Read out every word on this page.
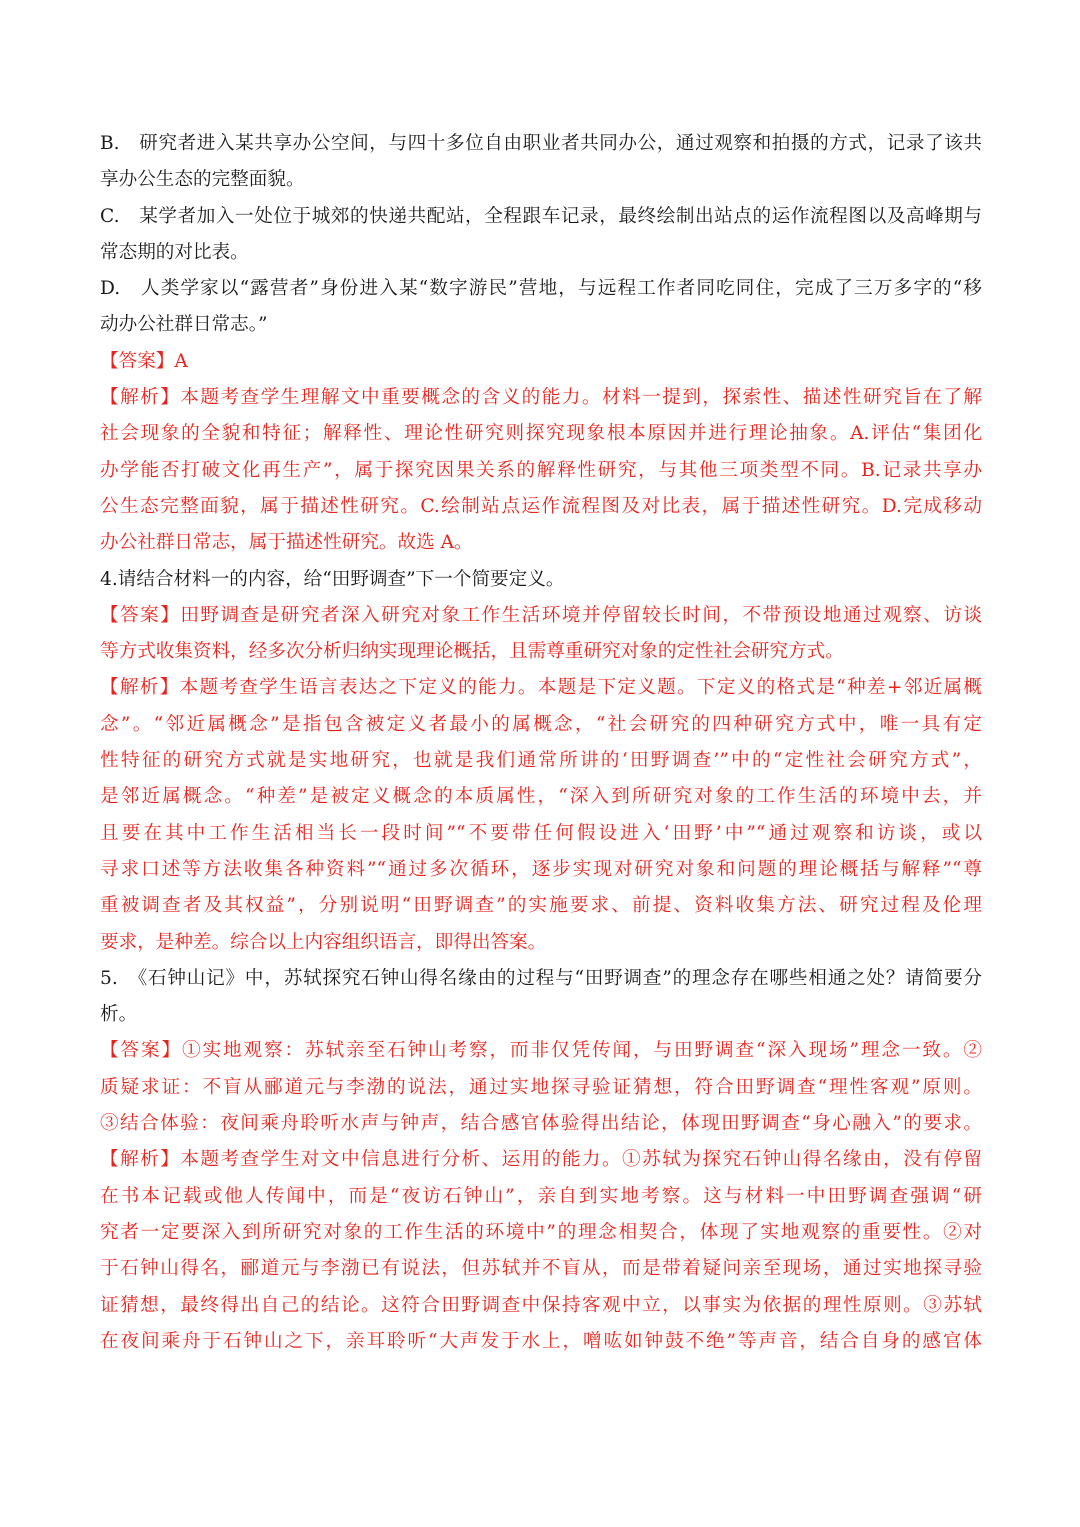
B.　研究者进入某共享办公空间，与四十多位自由职业者共同办公，通过观察和拍摄的方式，记录了该共
享办公生态的完整面貌。
C.　某学者加入一处位于城郊的快递共配站，全程跟车记录，最终绘制出站点的运作流程图以及高峰期与
常态期的对比表。
D.　人类学家以“露营者”身份进入某“数字游民”营地，与远程工作者同吃同住，完成了三万多字的“移
动办公社群日常志。”
【答案】A
【解析】本题考查学生理解文中重要概念的含义的能力。材料一提到，探索性、描述性研究旨在了解
社会现象的全貌和特征；解释性、理论性研究则探究现象根本原因并进行理论抽象。A.评估“集团化
办学能否打破文化再生产”，属于探究因果关系的解释性研究，与其他三项类型不同。B.记录共享办
公生态完整面貌，属于描述性研究。C.绘制站点运作流程图及对比表，属于描述性研究。D.完成移动
办公社群日常志，属于描述性研究。故选 A。
4.请结合材料一的内容，给“田野调查”下一个简要定义。
【答案】田野调查是研究者深入研究对象工作生活环境并停留较长时间，不带预设地通过观察、访谈
等方式收集资料，经多次分析归纳实现理论概括，且需尊重研究对象的定性社会研究方式。
【解析】本题考查学生语言表达之下定义的能力。本题是下定义题。下定义的格式是“种差+邻近属概
念”。“邻近属概念”是指包含被定义者最小的属概念，“社会研究的四种研究方式中，唯一具有定
性特征的研究方式就是实地研究，也就是我们通常所讲的‘田野调查’”中的“定性社会研究方式”，
是邻近属概念。“种差”是被定义概念的本质属性，“深入到所研究对象的工作生活的环境中去，并
且要在其中工作生活相当长一段时间”“不要带任何假设进入‘田野’中”“通过观察和访谈，或以
寻求口述等方法收集各种资料”“通过多次循环，逐步实现对研究对象和问题的理论概括与解释”“尊
重被调查者及其权益”，分别说明“田野调查”的实施要求、前提、资料收集方法、研究过程及伦理
要求，是种差。综合以上内容组织语言，即得出答案。
5.　《石钟山记》中，苏轼探究石钟山得名缘由的过程与“田野调查”的理念存在哪些相通之处？请简要分
析。
【答案】①实地观察：苏轼亲至石钟山考察，而非仅凭传闻，与田野调查“深入现场”理念一致。②
质疑求证：不盲从郦道元与李渤的说法，通过实地探寻验证猜想，符合田野调查“理性客观”原则。
③结合体验：夜间乘舟聆听水声与钟声，结合感官体验得出结论，体现田野调查“身心融入”的要求。
【解析】本题考查学生对文中信息进行分析、运用的能力。①苏轼为探究石钟山得名缘由，没有停留
在书本记载或他人传闻中，而是“夜访石钟山”，亲自到实地考察。这与材料一中田野调查强调“研
究者一定要深入到所研究对象的工作生活的环境中”的理念相契合，体现了实地观察的重要性。②对
于石钟山得名，郦道元与李渤已有说法，但苏轼并不盲从，而是带着疑问亲至现场，通过实地探寻验
证猜想，最终得出自己的结论。这符合田野调查中保持客观中立，以事实为依据的理性原则。③苏轼
在夜间乘舟于石钟山之下，亲耳聆听“大声发于水上，噌吰如钟鼓不绝”等声音，结合自身的感官体
